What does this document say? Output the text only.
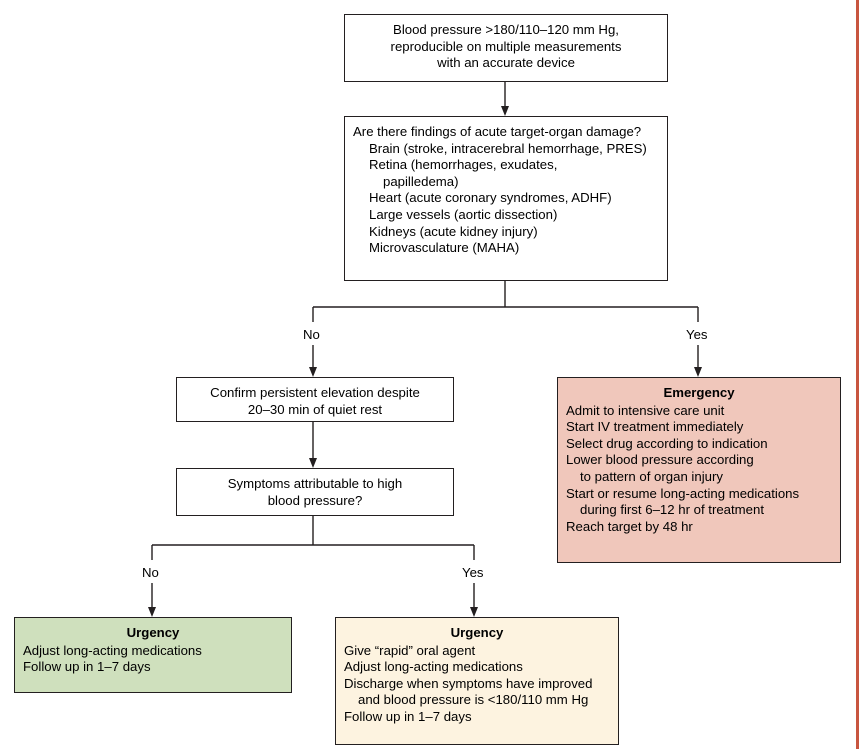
Blood pressure >180/110–120 mm Hg,
reproducible on multiple measurements
with an accurate device
Are there findings of acute target-organ damage?
Brain (stroke, intracerebral hemorrhage, PRES)
Retina (hemorrhages, exudates,
papilledema)
Heart (acute coronary syndromes, ADHF)
Large vessels (aortic dissection)
Kidneys (acute kidney injury)
Microvasculature (MAHA)
No	Yes
Confirm persistent elevation despite
20–30 min of quiet rest
Symptoms attributable to high
blood pressure?
No	Yes
Emergency
Admit to intensive care unit
Start IV treatment immediately
Select drug according to indication
Lower blood pressure according
to pattern of organ injury
Start or resume long-acting medications
during first 6–12 hr of treatment
Reach target by 48 hr
Urgency
Adjust long-acting medications
Follow up in 1–7 days
Urgency
Give “rapid” oral agent
Adjust long-acting medications
Discharge when symptoms have improved
and blood pressure is <180/110 mm Hg
Follow up in 1–7 days
